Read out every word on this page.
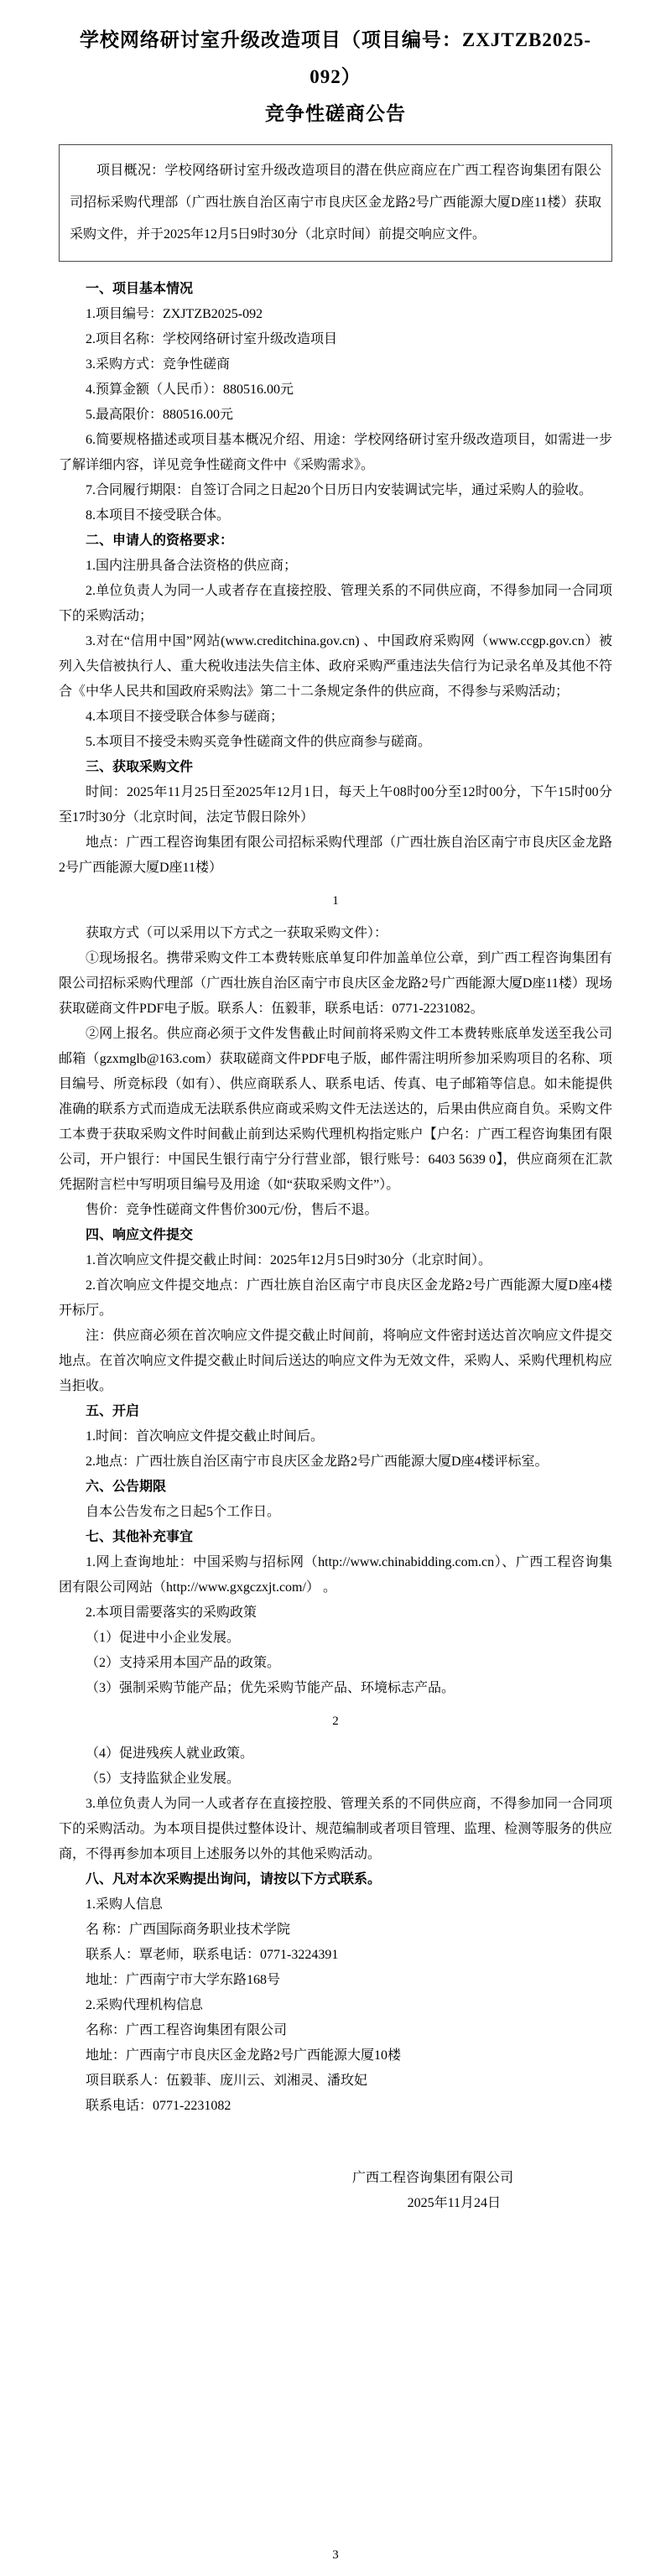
学校网络研讨室升级改造项目（项目编号：ZXJTZB2025-092）
竞争性磋商公告

项目概况：学校网络研讨室升级改造项目的潜在供应商应在广西工程咨询集团有限公司招标采购代理部（广西壮族自治区南宁市良庆区金龙路2号广西能源大厦D座11楼）获取采购文件，并于2025年12月5日9时30分（北京时间）前提交响应文件。

一、项目基本情况

1.项目编号：ZXJTZB2025-092

2.项目名称：学校网络研讨室升级改造项目

3.采购方式：竞争性磋商

4.预算金额（人民币）：880516.00元

5.最高限价：880516.00元

6.简要规格描述或项目基本概况介绍、用途：学校网络研讨室升级改造项目，如需进一步了解详细内容，详见竞争性磋商文件中《采购需求》。

7.合同履行期限：自签订合同之日起20个日历日内安装调试完毕，通过采购人的验收。

8.本项目不接受联合体。

二、申请人的资格要求：

1.国内注册具备合法资格的供应商；

2.单位负责人为同一人或者存在直接控股、管理关系的不同供应商，不得参加同一合同项下的采购活动；

3.对在“信用中国”网站(www.creditchina.gov.cn) 、中国政府采购网（www.ccgp.gov.cn）被列入失信被执行人、重大税收违法失信主体、政府采购严重违法失信行为记录名单及其他不符合《中华人民共和国政府采购法》第二十二条规定条件的供应商，不得参与采购活动；

4.本项目不接受联合体参与磋商；

5.本项目不接受未购买竞争性磋商文件的供应商参与磋商。

三、获取采购文件

时间：2025年11月25日至2025年12月1日，每天上午08时00分至12时00分，下午15时00分至17时30分（北京时间，法定节假日除外）

地点：广西工程咨询集团有限公司招标采购代理部（广西壮族自治区南宁市良庆区金龙路2号广西能源大厦D座11楼）

1

获取方式（可以采用以下方式之一获取采购文件）：

①现场报名。携带采购文件工本费转账底单复印件加盖单位公章，到广西工程咨询集团有限公司招标采购代理部（广西壮族自治区南宁市良庆区金龙路2号广西能源大厦D座11楼）现场获取磋商文件PDF电子版。联系人：伍毅菲，联系电话：0771-2231082。

②网上报名。供应商必须于文件发售截止时间前将采购文件工本费转账底单发送至我公司邮箱（gzxmglb@163.com）获取磋商文件PDF电子版，邮件需注明所参加采购项目的名称、项目编号、所竞标段（如有）、供应商联系人、联系电话、传真、电子邮箱等信息。如未能提供准确的联系方式而造成无法联系供应商或采购文件无法送达的，后果由供应商自负。采购文件工本费于获取采购文件时间截止前到达采购代理机构指定账户【户名：广西工程咨询集团有限公司，开户银行：中国民生银行南宁分行营业部，银行账号：6403 5639 0】，供应商须在汇款凭据附言栏中写明项目编号及用途（如“获取采购文件”）。

售价：竞争性磋商文件售价300元/份，售后不退。

四、响应文件提交

1.首次响应文件提交截止时间：2025年12月5日9时30分（北京时间）。

2.首次响应文件提交地点：广西壮族自治区南宁市良庆区金龙路2号广西能源大厦D座4楼开标厅。

注：供应商必须在首次响应文件提交截止时间前，将响应文件密封送达首次响应文件提交地点。在首次响应文件提交截止时间后送达的响应文件为无效文件，采购人、采购代理机构应当拒收。

五、开启

1.时间：首次响应文件提交截止时间后。

2.地点：广西壮族自治区南宁市良庆区金龙路2号广西能源大厦D座4楼评标室。

六、公告期限

自本公告发布之日起5个工作日。

七、其他补充事宜

1.网上查询地址：中国采购与招标网（http://www.chinabidding.com.cn）、广西工程咨询集团有限公司网站（http://www.gxgczxjt.com/） 。

2.本项目需要落实的采购政策

（1）促进中小企业发展。

（2）支持采用本国产品的政策。

（3）强制采购节能产品；优先采购节能产品、环境标志产品。

2

（4）促进残疾人就业政策。

（5）支持监狱企业发展。

3.单位负责人为同一人或者存在直接控股、管理关系的不同供应商，不得参加同一合同项下的采购活动。为本项目提供过整体设计、规范编制或者项目管理、监理、检测等服务的供应商，不得再参加本项目上述服务以外的其他采购活动。

八、凡对本次采购提出询问，请按以下方式联系。

1.采购人信息

名 称：广西国际商务职业技术学院

联系人：覃老师，联系电话：0771-3224391

地址：广西南宁市大学东路168号

2.采购代理机构信息

名称：广西工程咨询集团有限公司

地址：广西南宁市良庆区金龙路2号广西能源大厦10楼

项目联系人：伍毅菲、庞川云、刘湘灵、潘玫妃

联系电话：0771-2231082

广西工程咨询集团有限公司

2025年11月24日

3
